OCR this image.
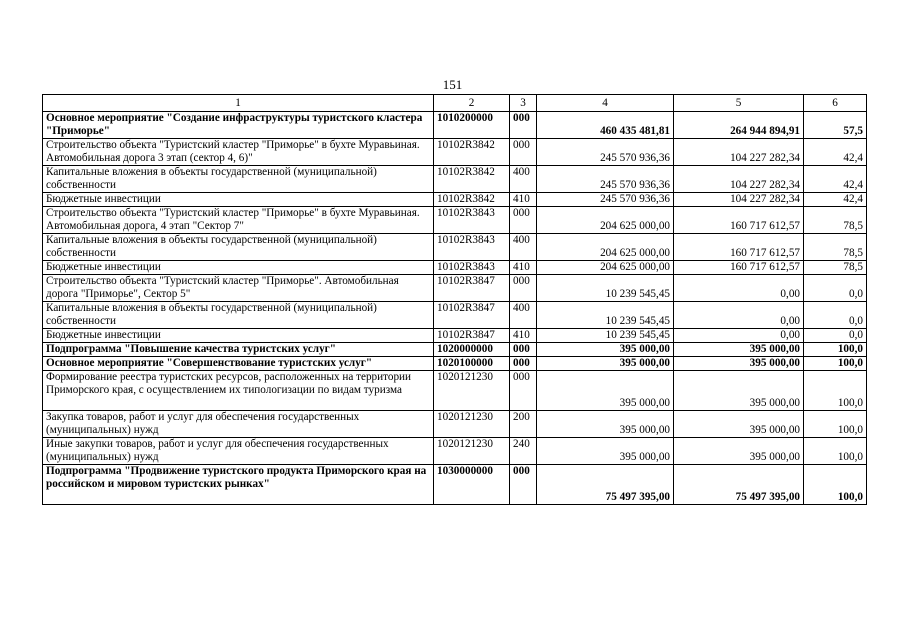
151
1	2	3	4	5	6
Основное мероприятие "Создание инфраструктуры туристского кластера "Приморье"	1010200000	000	460 435 481,81	264 944 894,91	57,5
Строительство объекта "Туристский кластер "Приморье" в бухте Муравьиная. Автомобильная дорога 3 этап (сектор 4, 6)"	10102R3842	000	245 570 936,36	104 227 282,34	42,4
Капитальные вложения в объекты государственной (муниципальной) собственности	10102R3842	400	245 570 936,36	104 227 282,34	42,4
Бюджетные инвестиции	10102R3842	410	245 570 936,36	104 227 282,34	42,4
Строительство объекта "Туристский кластер "Приморье" в бухте Муравьиная. Автомобильная дорога, 4 этап "Сектор 7"	10102R3843	000	204 625 000,00	160 717 612,57	78,5
Капитальные вложения в объекты государственной (муниципальной) собственности	10102R3843	400	204 625 000,00	160 717 612,57	78,5
Бюджетные инвестиции	10102R3843	410	204 625 000,00	160 717 612,57	78,5
Строительство объекта "Туристский кластер "Приморье". Автомобильная дорога "Приморье", Сектор 5"	10102R3847	000	10 239 545,45	0,00	0,0
Капитальные вложения в объекты государственной (муниципальной) собственности	10102R3847	400	10 239 545,45	0,00	0,0
Бюджетные инвестиции	10102R3847	410	10 239 545,45	0,00	0,0
Подпрограмма "Повышение качества туристских услуг"	1020000000	000	395 000,00	395 000,00	100,0
Основное мероприятие "Совершенствование туристских услуг"	1020100000	000	395 000,00	395 000,00	100,0
Формирование реестра туристских ресурсов, расположенных на территории Приморского края, с осуществлением их типологизации по видам туризма	1020121230	000	395 000,00	395 000,00	100,0
Закупка товаров, работ и услуг для обеспечения государственных (муниципальных) нужд	1020121230	200	395 000,00	395 000,00	100,0
Иные закупки товаров, работ и услуг для обеспечения государственных (муниципальных) нужд	1020121230	240	395 000,00	395 000,00	100,0
Подпрограмма "Продвижение туристского продукта Приморского края на российском и мировом туристских рынках"	1030000000	000	75 497 395,00	75 497 395,00	100,0
